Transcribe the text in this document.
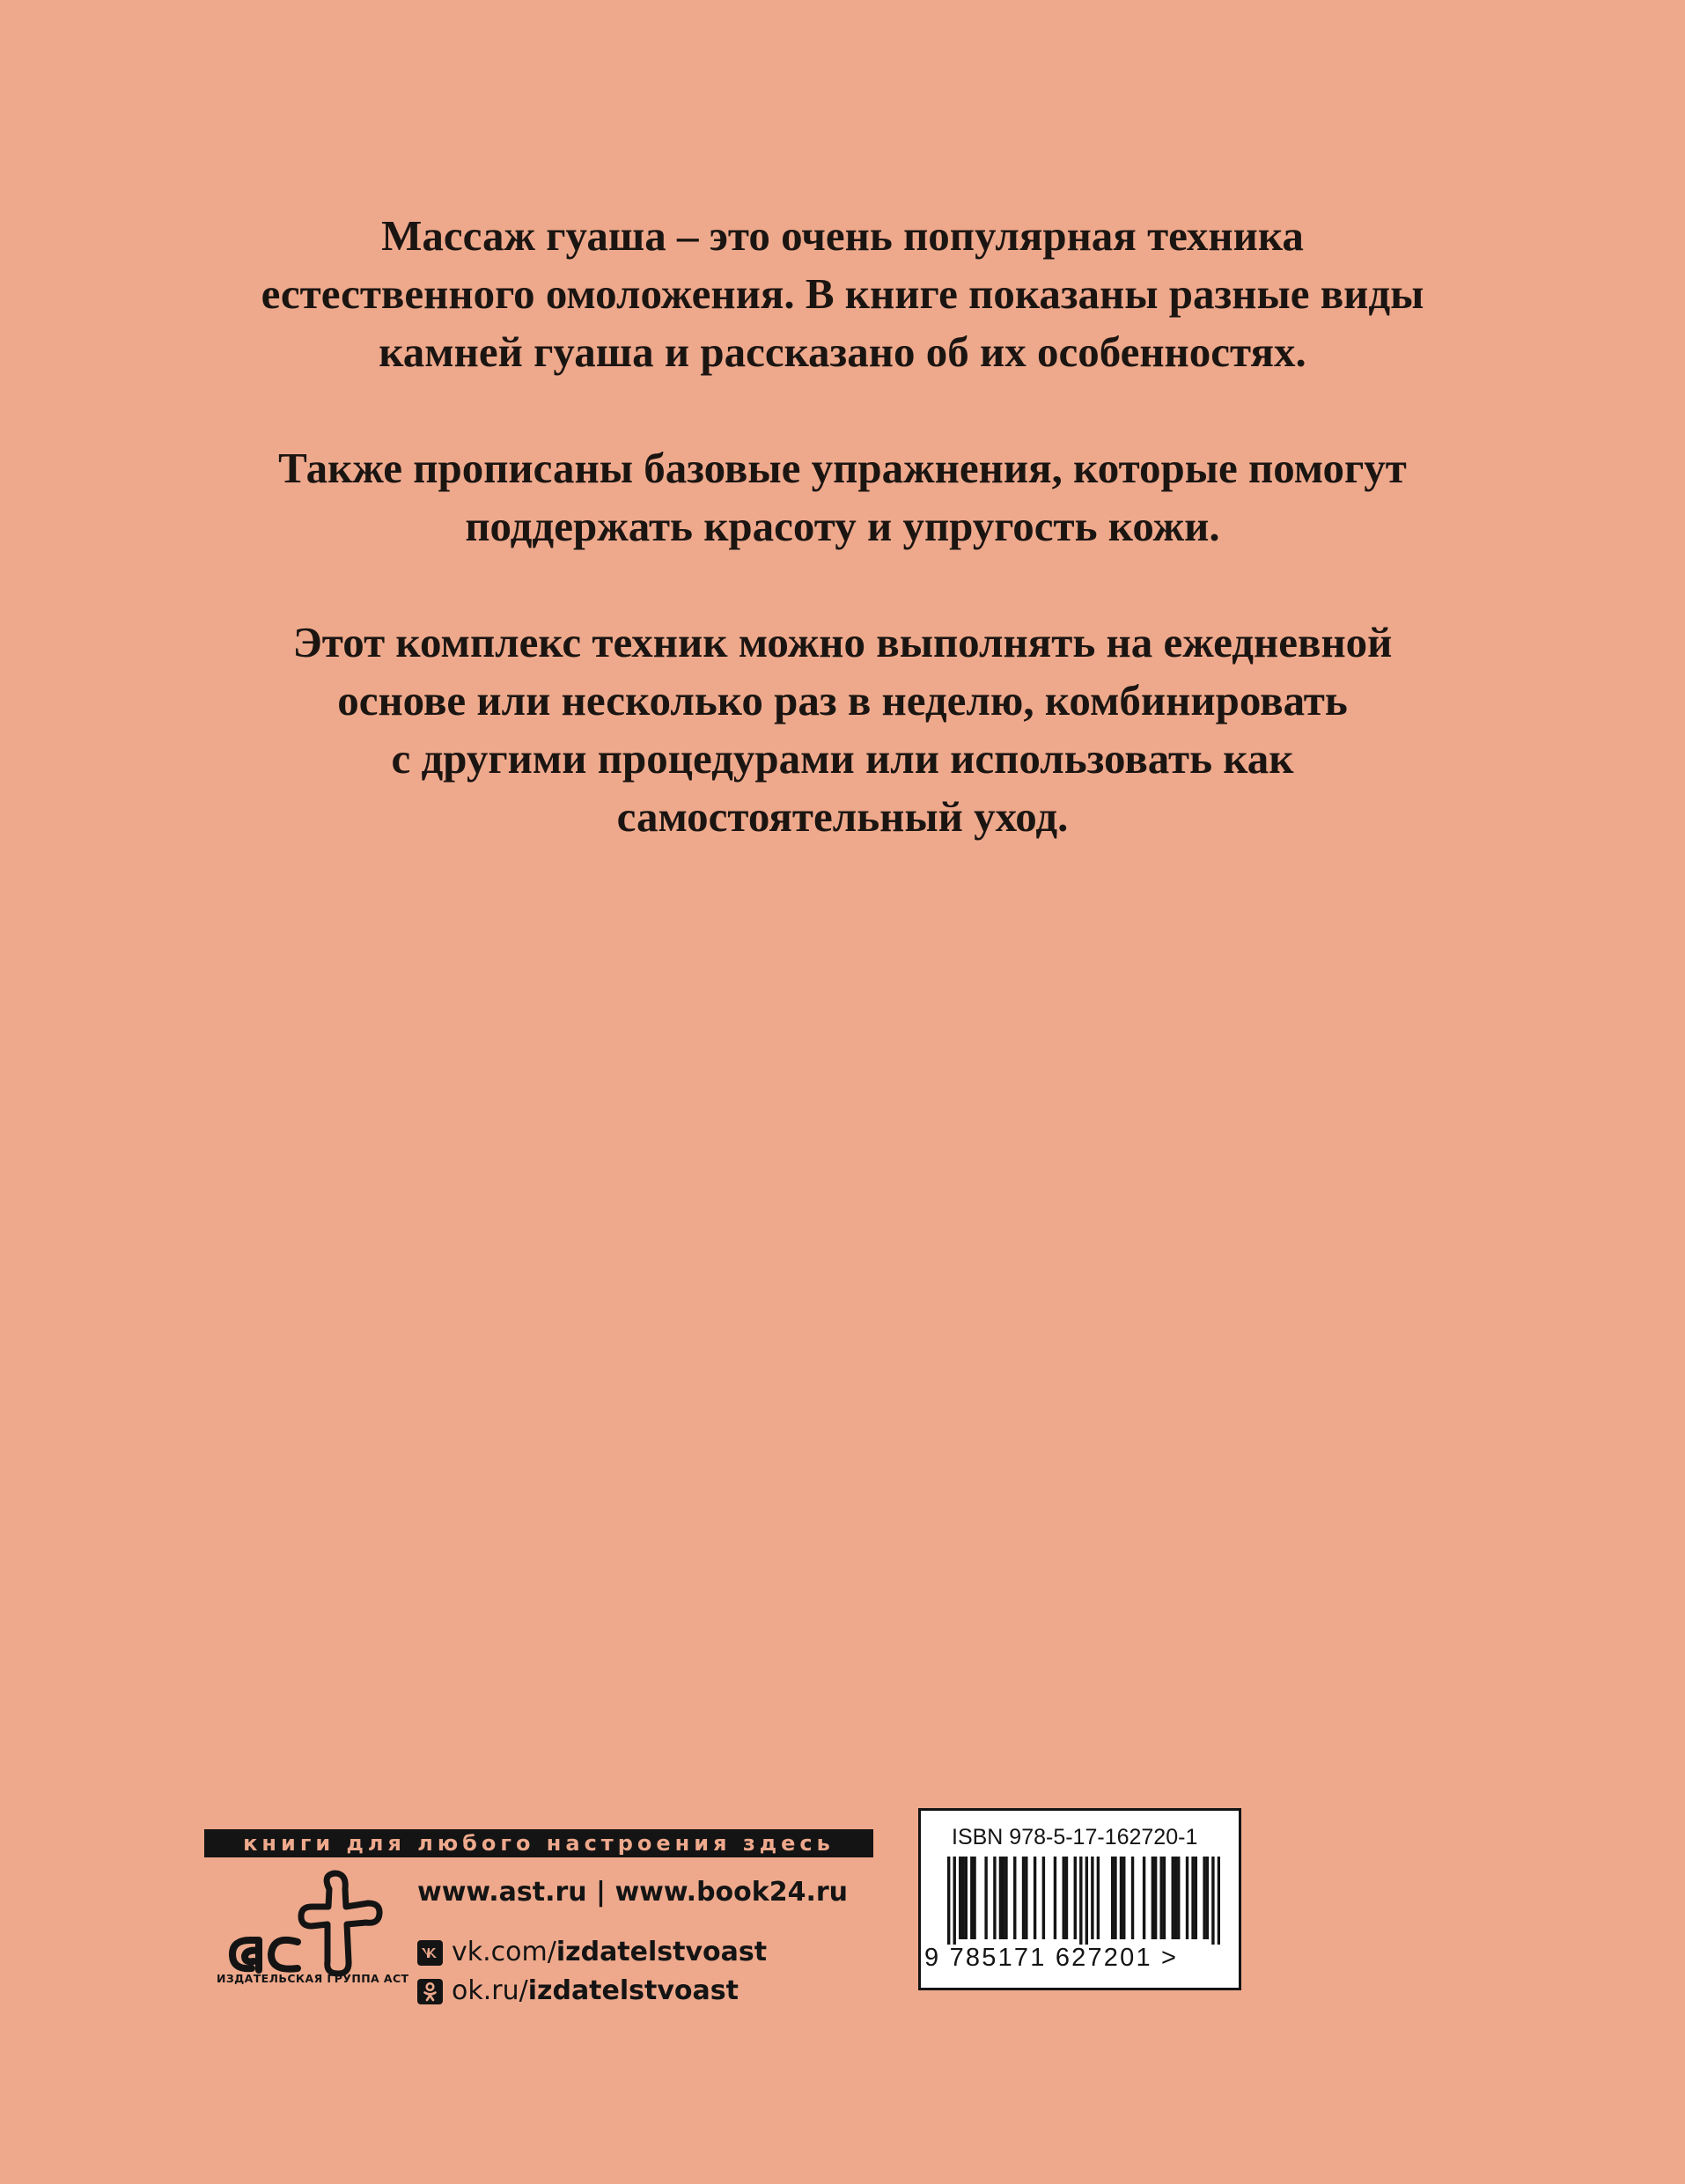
Массаж гуаша – это очень популярная техника
естественного омоложения. В книге показаны разные виды
камней гуаша и рассказано об их особенностях.
Также прописаны базовые упражнения, которые помогут
поддержать красоту и упругость кожи.
Этот комплекс техник можно выполнять на ежедневной
основе или несколько раз в неделю, комбинировать
с другими процедурами или использовать как
самостоятельный уход.
книги для любого настроения здесь
ИЗДАТЕЛЬСКАЯ ГРУППА АСТ
www.ast.ru | www.book24.ru
vk.com/ izdatelstvoast
ok.ru/ izdatelstvoast
ISBN 978-5-17-162720-1
9 785171 627201 >
